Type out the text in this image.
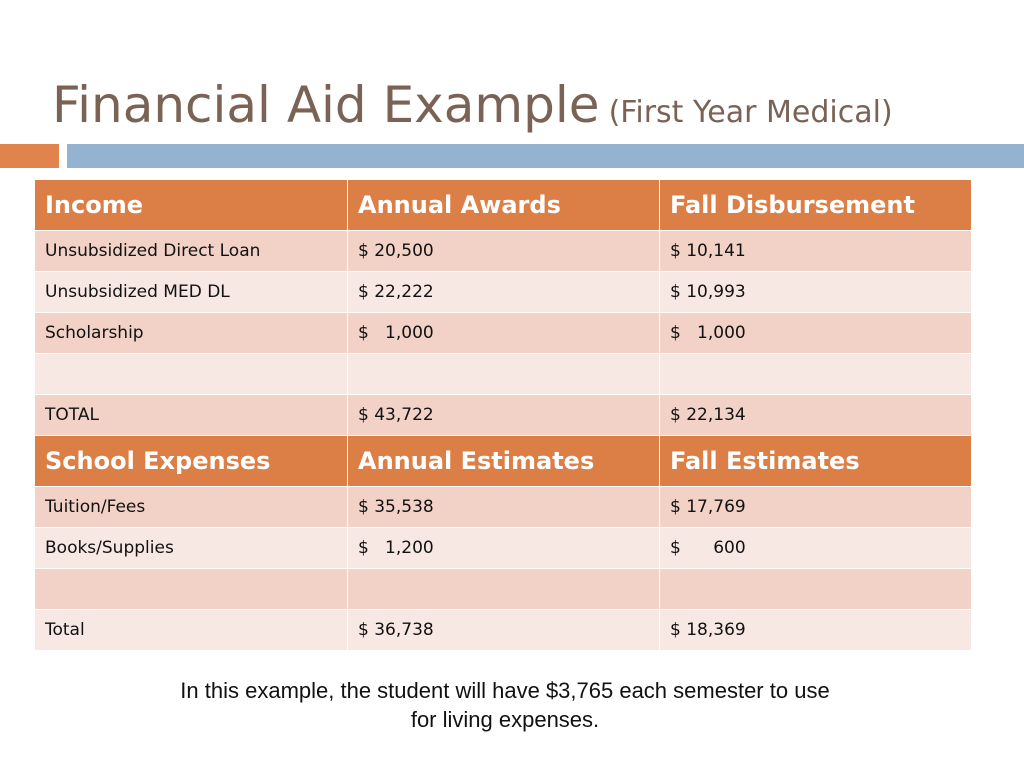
Financial Aid Example (First Year Medical)
Income	Annual Awards	Fall Disbursement
Unsubsidized Direct Loan	$ 20,500	$ 10,141
Unsubsidized MED DL	$ 22,222	$ 10,993
Scholarship	$   1,000	$   1,000

TOTAL	$ 43,722	$ 22,134
School Expenses	Annual Estimates	Fall Estimates
Tuition/Fees	$ 35,538	$ 17,769
Books/Supplies	$   1,200	$      600

Total	$ 36,738	$ 18,369
In this example, the student will have $3,765 each semester to use for living expenses.
